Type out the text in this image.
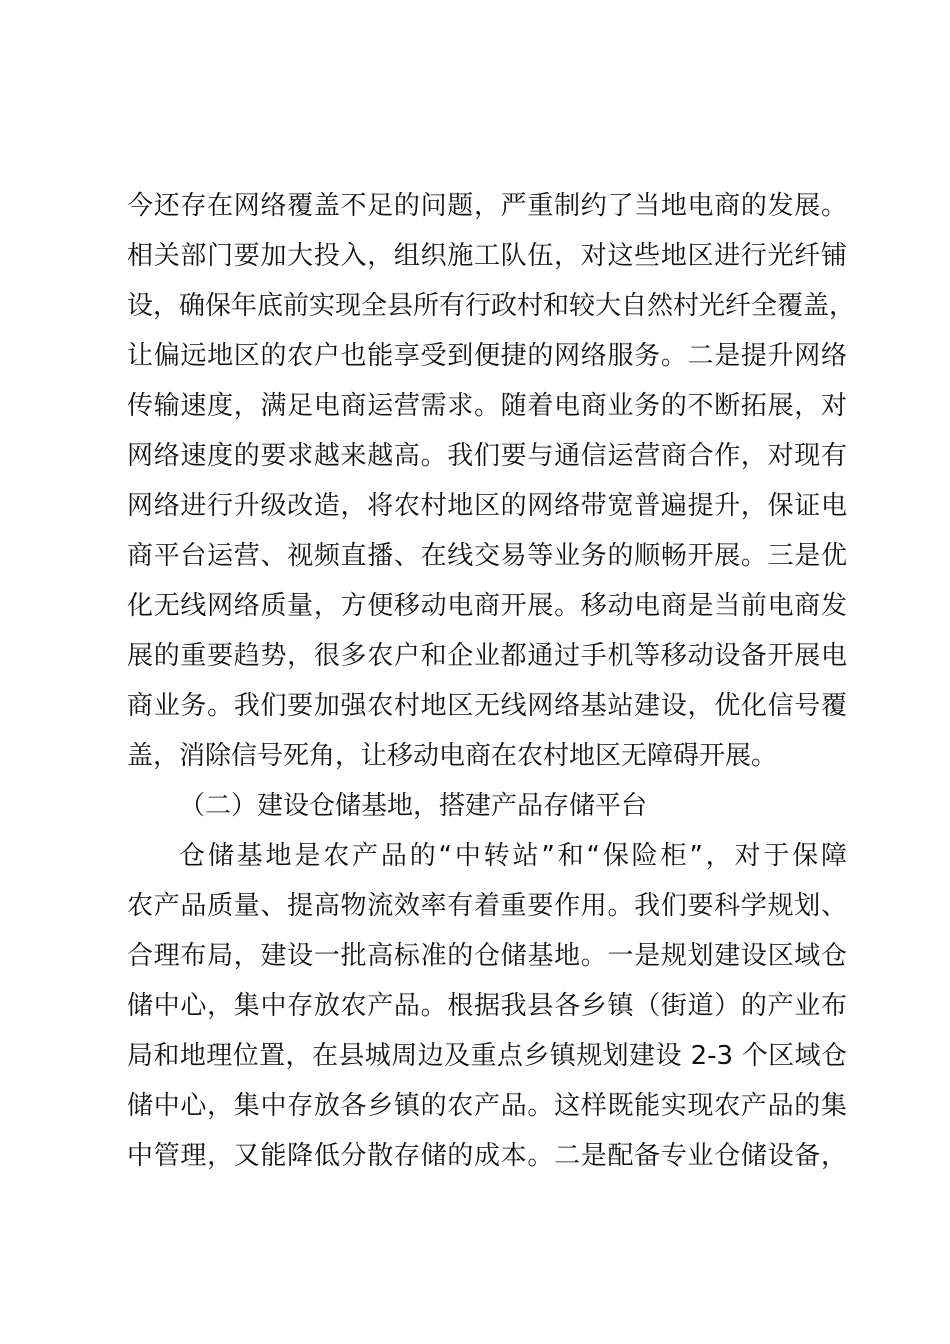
今还存在网络覆盖不足的问题，严重制约了当地电商的发展。
相关部门要加大投入，组织施工队伍，对这些地区进行光纤铺
设，确保年底前实现全县所有行政村和较大自然村光纤全覆盖，
让偏远地区的农户也能享受到便捷的网络服务。二是提升网络
传输速度，满足电商运营需求。随着电商业务的不断拓展，对
网络速度的要求越来越高。我们要与通信运营商合作，对现有
网络进行升级改造，将农村地区的网络带宽普遍提升，保证电
商平台运营、视频直播、在线交易等业务的顺畅开展。三是优
化无线网络质量，方便移动电商开展。移动电商是当前电商发
展的重要趋势，很多农户和企业都通过手机等移动设备开展电
商业务。我们要加强农村地区无线网络基站建设，优化信号覆
盖，消除信号死角，让移动电商在农村地区无障碍开展。
（二）建设仓储基地，搭建产品存储平台
仓储基地是农产品的“中转站”和“保险柜”，对于保障
农产品质量、提高物流效率有着重要作用。我们要科学规划、
合理布局，建设一批高标准的仓储基地。一是规划建设区域仓
储中心，集中存放农产品。根据我县各乡镇（街道）的产业布
局和地理位置，在县城周边及重点乡镇规划建设 2-3 个区域仓
储中心，集中存放各乡镇的农产品。这样既能实现农产品的集
中管理，又能降低分散存储的成本。二是配备专业仓储设备，
